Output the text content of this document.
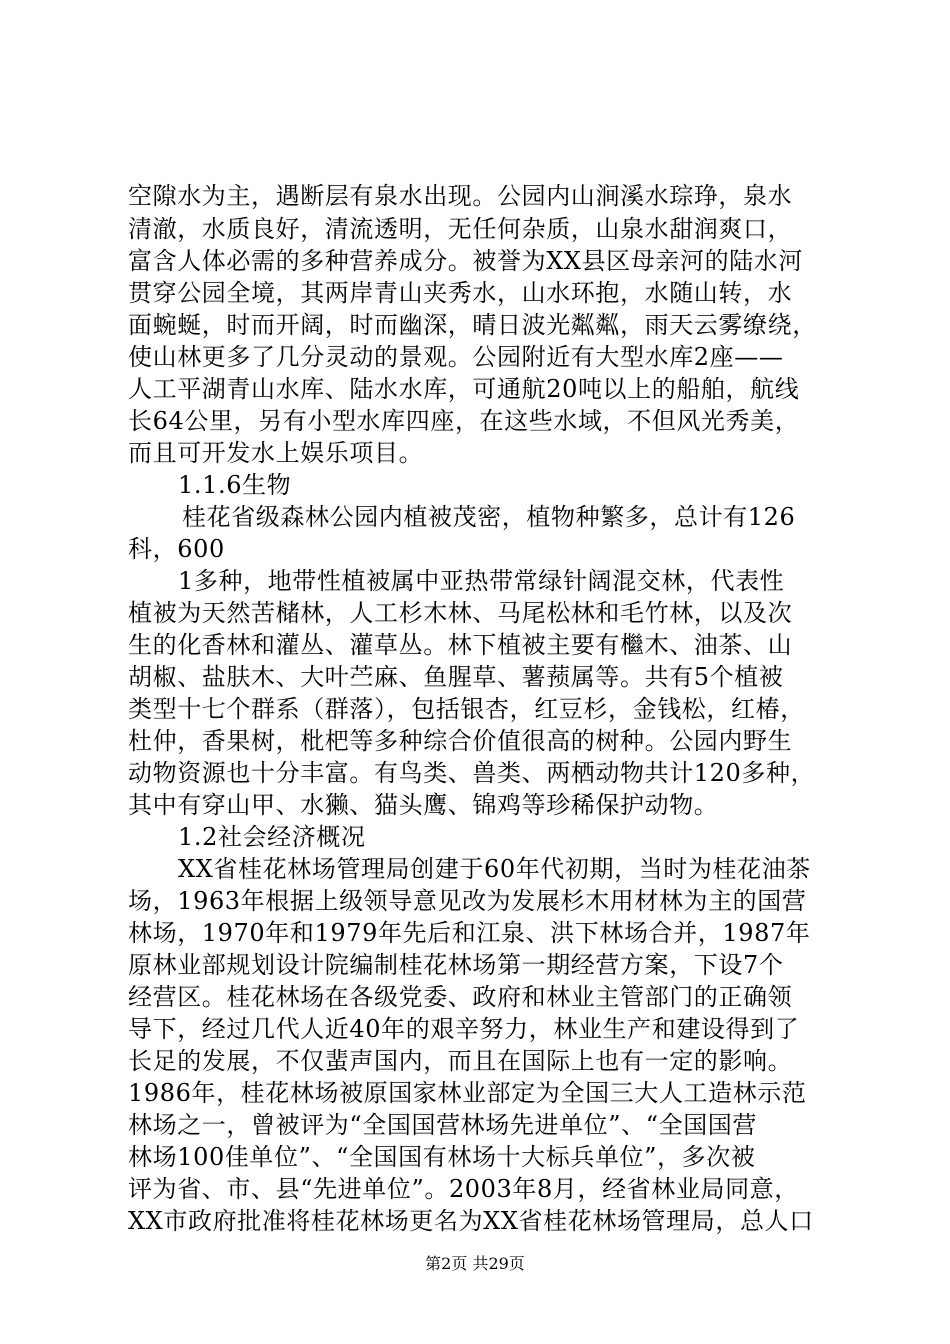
空隙水为主，遇断层有泉水出现。公园内山涧溪水琮琤，泉水
清澈，水质良好，清流透明，无任何杂质，山泉水甜润爽口，
富含人体必需的多种营养成分。被誉为XX县区母亲河的陆水河
贯穿公园全境，其两岸青山夹秀水，山水环抱，水随山转，水
面蜿蜒，时而开阔，时而幽深，晴日波光粼粼，雨天云雾缭绕，
使山林更多了几分灵动的景观。公园附近有大型水库2座——
人工平湖青山水库、陆水水库，可通航20吨以上的船舶，航线
长64公里，另有小型水库四座，在这些水域，不但风光秀美，
而且可开发水上娱乐项目。
1.1.6生物
桂花省级森林公园内植被茂密，植物种繁多，总计有126
科，600
1多种，地带性植被属中亚热带常绿针阔混交林，代表性
植被为天然苦槠林，人工杉木林、马尾松林和毛竹林，以及次
生的化香林和灌丛、灌草丛。林下植被主要有檵木、油茶、山
胡椒、盐肤木、大叶苎麻、鱼腥草、薯蓣属等。共有5个植被
类型十七个群系（群落），包括银杏，红豆杉，金钱松，红椿，
杜仲，香果树，枇杷等多种综合价值很高的树种。公园内野生
动物资源也十分丰富。有鸟类、兽类、两栖动物共计120多种，
其中有穿山甲、水獭、猫头鹰、锦鸡等珍稀保护动物。
1.2社会经济概况
XX省桂花林场管理局创建于60年代初期，当时为桂花油茶
场，1963年根据上级领导意见改为发展杉木用材林为主的国营
林场，1970年和1979年先后和江泉、洪下林场合并，1987年
原林业部规划设计院编制桂花林场第一期经营方案，下设7个
经营区。桂花林场在各级党委、政府和林业主管部门的正确领
导下，经过几代人近40年的艰辛努力，林业生产和建设得到了
长足的发展，不仅蜚声国内，而且在国际上也有一定的影响。
1986年，桂花林场被原国家林业部定为全国三大人工造林示范
林场之一，曾被评为“全国国营林场先进单位”、“全国国营
林场100佳单位”、“全国国有林场十大标兵单位”，多次被
评为省、市、县“先进单位”。2003年8月，经省林业局同意，
XX市政府批准将桂花林场更名为XX省桂花林场管理局，总人口
第2页 共29页
